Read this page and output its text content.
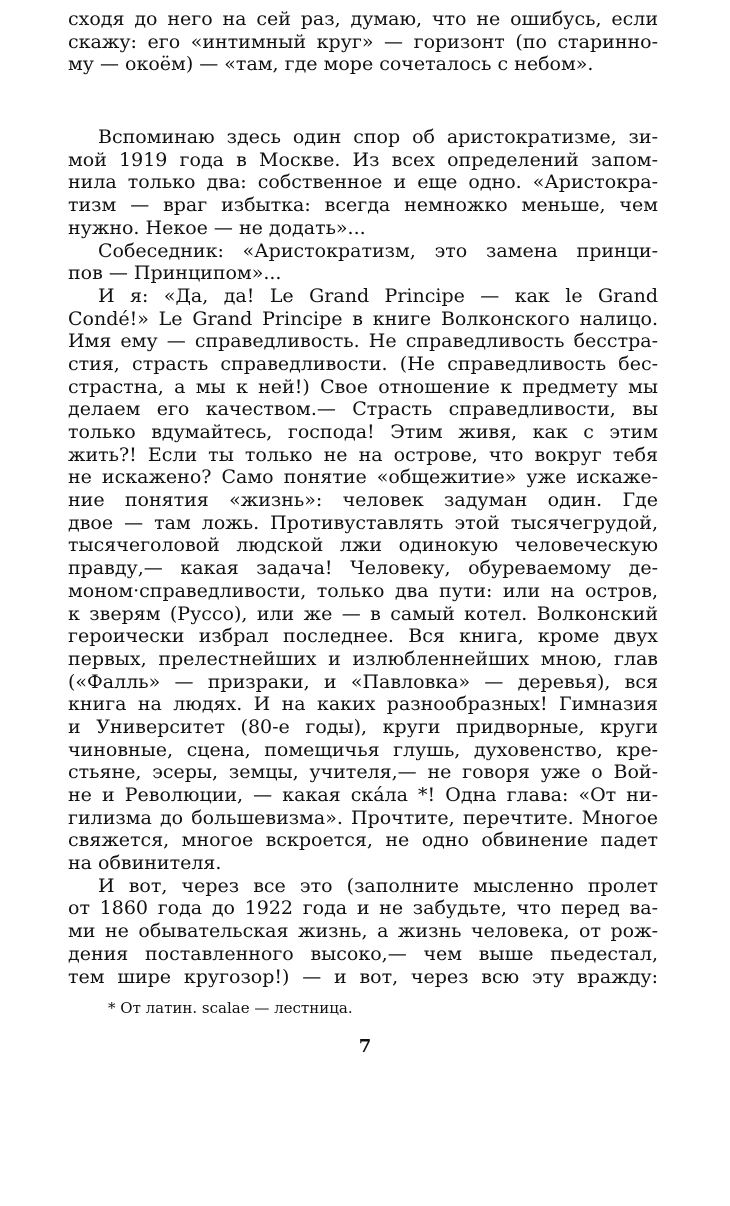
сходя до него на сей раз, думаю, что не ошибусь, если
скажу: его «интимный круг» — горизонт (по старинно-
му — окоём) — «там, где море сочеталось с небом».
Вспоминаю здесь один спор об аристократизме, зи-
мой 1919 года в Москве. Из всех определений запом-
нила только два: собственное и еще одно. «Аристокра-
тизм — враг избытка: всегда немножко меньше, чем
нужно. Некое — не додать»...
Собеседник: «Аристократизм, это замена принци-
пов — Принципом»...
И я: «Да, да! Le Grand Principe — как le Grand
Condé!» Le Grand Principe в книге Волконского налицо.
Имя ему — справедливость. Не справедливость бесстра-
стия, страсть справедливости. (Не справедливость бес-
страстна, а мы к ней!) Свое отношение к предмету мы
делаем его качеством.— Страсть справедливости, вы
только вдумайтесь, господа! Этим живя, как с этим
жить?! Если ты только не на острове, что вокруг тебя
не искажено? Само понятие «общежитие» уже искаже-
ние понятия «жизнь»: человек задуман один. Где
двое — там ложь. Противуставлять этой тысячегрудой,
тысячеголовой людской лжи одинокую человеческую
правду,— какая задача! Человеку, обуреваемому де-
моном·справедливости, только два пути: или на остров,
к зверям (Руссо), или же — в самый котел. Волконский
героически избрал последнее. Вся книга, кроме двух
первых, прелестнейших и излюбленнейших мною, глав
(«Фалль» — призраки, и «Павловка» — деревья), вся
книга на людях. И на каких разнообразных! Гимназия
и Университет (80-е годы), круги придворные, круги
чиновные, сцена, помещичья глушь, духовенство, кре-
стьяне, эсеры, земцы, учителя,— не говоря уже о Вой-
не и Революции, — какая скáла *! Одна глава: «От ни-
гилизма до большевизма». Прочтите, перечтите. Многое
свяжется, многое вскроется, не одно обвинение падет
на обвинителя.
И вот, через все это (заполните мысленно пролет
от 1860 года до 1922 года и не забудьте, что перед ва-
ми не обывательская жизнь, а жизнь человека, от рож-
дения поставленного высоко,— чем выше пьедестал,
тем шире кругозор!) — и вот, через всю эту вражду:
* От латин. scalae — лестница.
7
